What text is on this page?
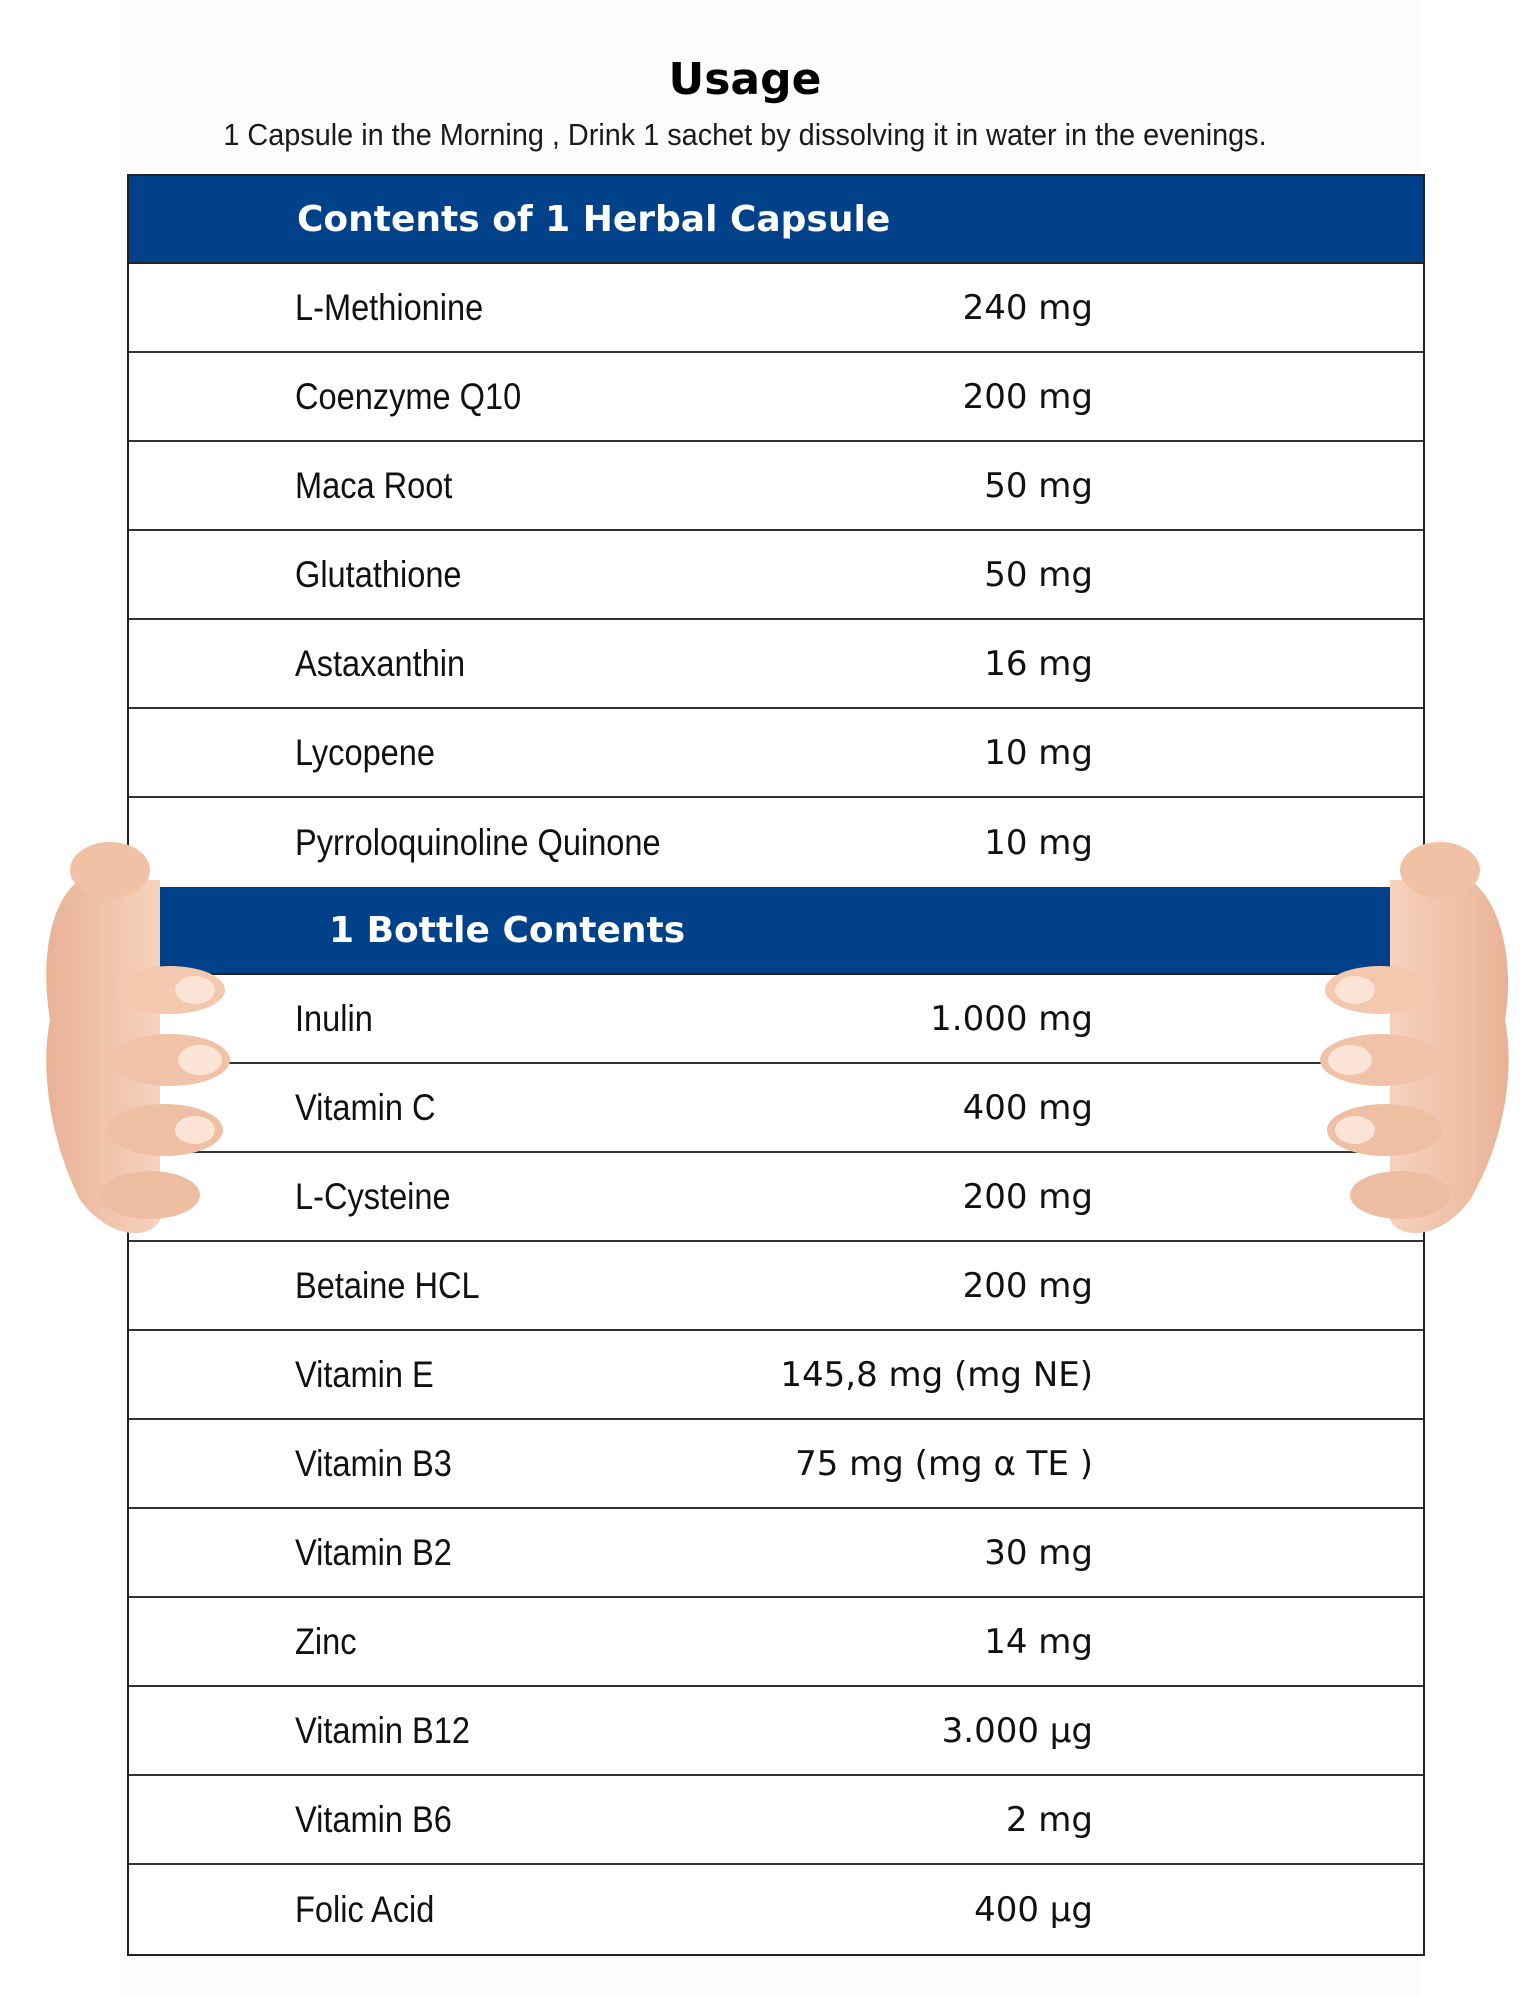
Usage
1 Capsule in the Morning , Drink 1 sachet by dissolving it in water in the evenings.
Contents of 1 Herbal Capsule
L-Methionine	240 mg
Coenzyme Q10	200 mg
Maca Root	50 mg
Glutathione	50 mg
Astaxanthin	16 mg
Lycopene	10 mg
Pyrroloquinoline Quinone	10 mg
1 Bottle Contents
Inulin	1.000 mg
Vitamin C	400 mg
L-Cysteine	200 mg
Betaine HCL	200 mg
Vitamin E	145,8 mg (mg NE)
Vitamin B3	75 mg (mg α TE )
Vitamin B2	30 mg
Zinc	14 mg
Vitamin B12	3.000 µg
Vitamin B6	2 mg
Folic Acid	400 µg
